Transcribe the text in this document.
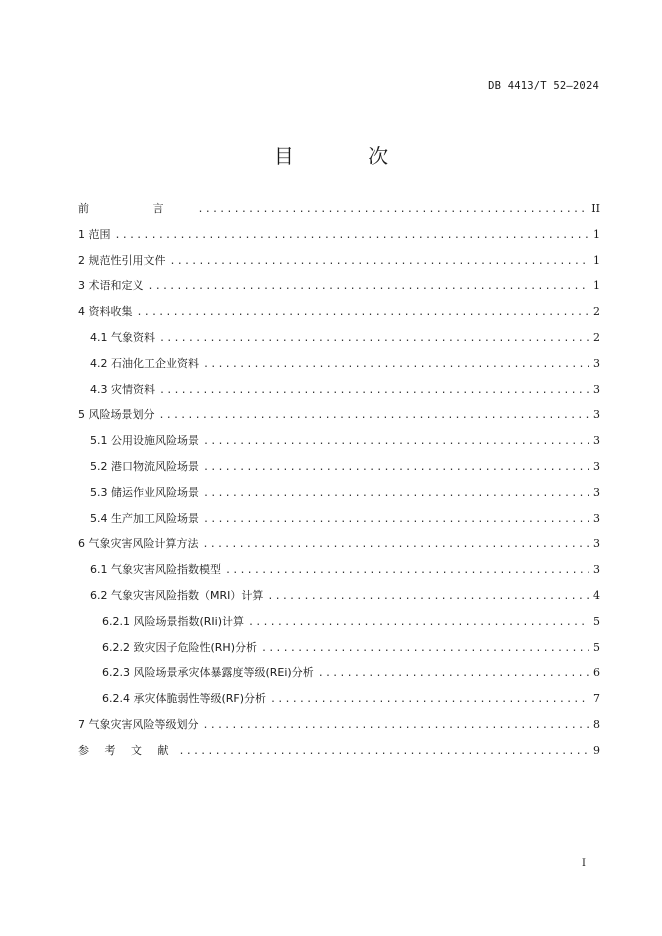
DB 4413/T 52—2024
目 次
前 言 .....	II
1 范围 .....	1
2 规范性引用文件 .....	1
3 术语和定义 .....	1
4 资料收集 .....	2
4.1 气象资料 .....	2
4.2 石油化工企业资料 .....	3
4.3 灾情资料 .....	3
5 风险场景划分 .....	3
5.1 公用设施风险场景 .....	3
5.2 港口物流风险场景 .....	3
5.3 储运作业风险场景 .....	3
5.4 生产加工风险场景 .....	3
6 气象灾害风险计算方法 .....	3
6.1 气象灾害风险指数模型 .....	3
6.2 气象灾害风险指数（MRI）计算 .....	4
6.2.1 风险场景指数(RIi)计算 .....	5
6.2.2 致灾因子危险性(RH)分析 .....	5
6.2.3 风险场景承灾体暴露度等级(REi)分析 .....	6
6.2.4 承灾体脆弱性等级(RF)分析 .....	7
7 气象灾害风险等级划分 .....	8
参 考 文 献 .....	9
I
